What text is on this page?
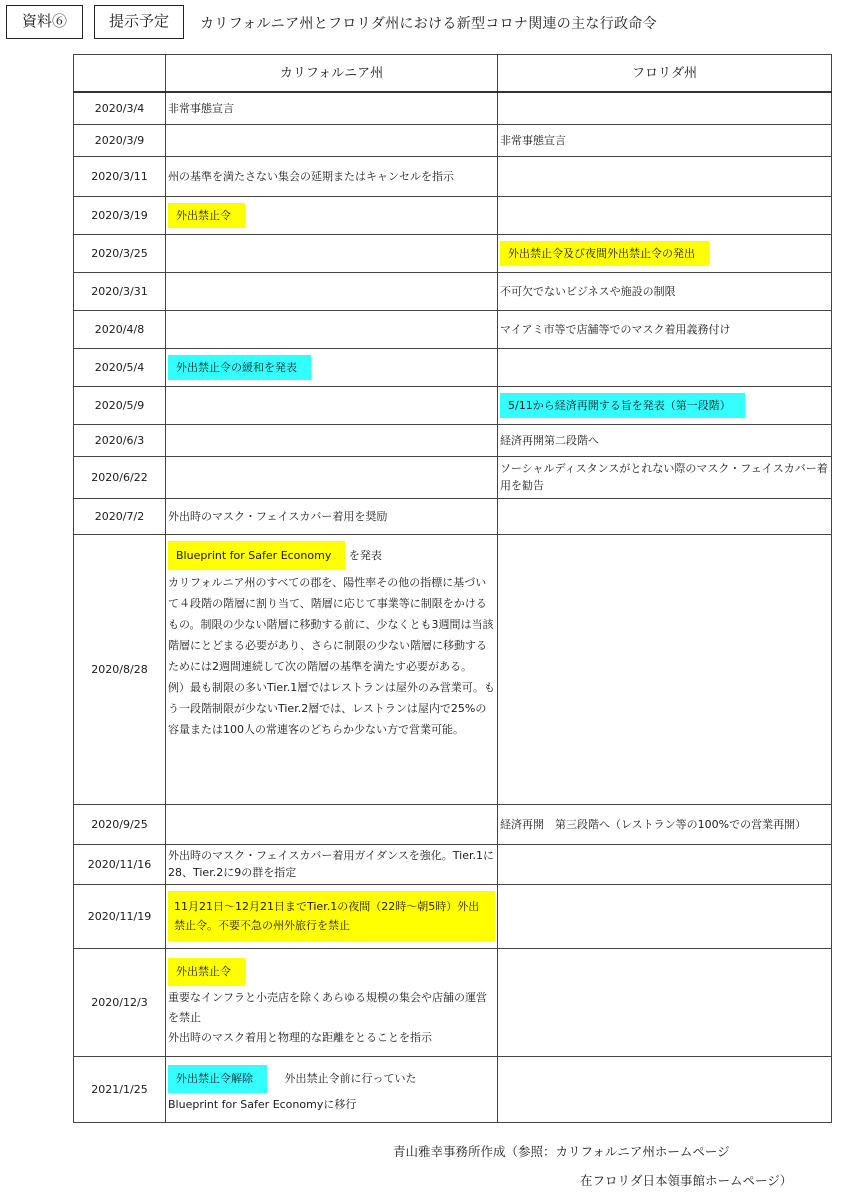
資料⑥	提示予定	カリフォルニア州とフロリダ州における新型コロナ関連の主な行政命令
	カリフォルニア州	フロリダ州
2020/3/4	非常事態宣言	
2020/3/9		非常事態宣言
2020/3/11	州の基準を満たさない集会の延期またはキャンセルを指示	
2020/3/19	外出禁止令	
2020/3/25		外出禁止令及び夜間外出禁止令の発出
2020/3/31		不可欠でないビジネスや施設の制限
2020/4/8		マイアミ市等で店舗等でのマスク着用義務付け
2020/5/4	外出禁止令の緩和を発表	
2020/5/9		5/11から経済再開する旨を発表（第一段階）
2020/6/3		経済再開第二段階へ
2020/6/22		ソーシャルディスタンスがとれない際のマスク・フェイスカバー着用を勧告
2020/7/2	外出時のマスク・フェイスカバー着用を奨励	
2020/8/28	Blueprint for Safer Economy を発表
カリフォルニア州のすべての郡を、陽性率その他の指標に基づいて４段階の階層に割り当て、階層に応じて事業等に制限をかけるもの。制限の少ない階層に移動する前に、少なくとも3週間は当該階層にとどまる必要があり、さらに制限の少ない階層に移動するためには2週間連続して次の階層の基準を満たす必要がある。
例）最も制限の多いTier.1層ではレストランは屋外のみ営業可。もう一段階制限が少ないTier.2層では、レストランは屋内で25%の容量または100人の常連客のどちらか少ない方で営業可能。	

2020/9/25		経済再開　第三段階へ（レストラン等の100%での営業再開）
2020/11/16	外出時のマスク・フェイスカバー着用ガイダンスを強化。Tier.1に28、Tier.2に9の群を指定	
2020/11/19	11月21日～12月21日までTier.1の夜間（22時～朝5時）外出禁止令。不要不急の州外旅行を禁止	
2020/12/3	外出禁止令
重要なインフラと小売店を除くあらゆる規模の集会や店舗の運営を禁止
外出時のマスク着用と物理的な距離をとることを指示	

2021/1/25	外出禁止令解除 外出禁止令前に行っていた
Blueprint for Safer Economyに移行	

青山雅幸事務所作成（参照：カリフォルニア州ホームページ
在フロリダ日本領事館ホームページ）
